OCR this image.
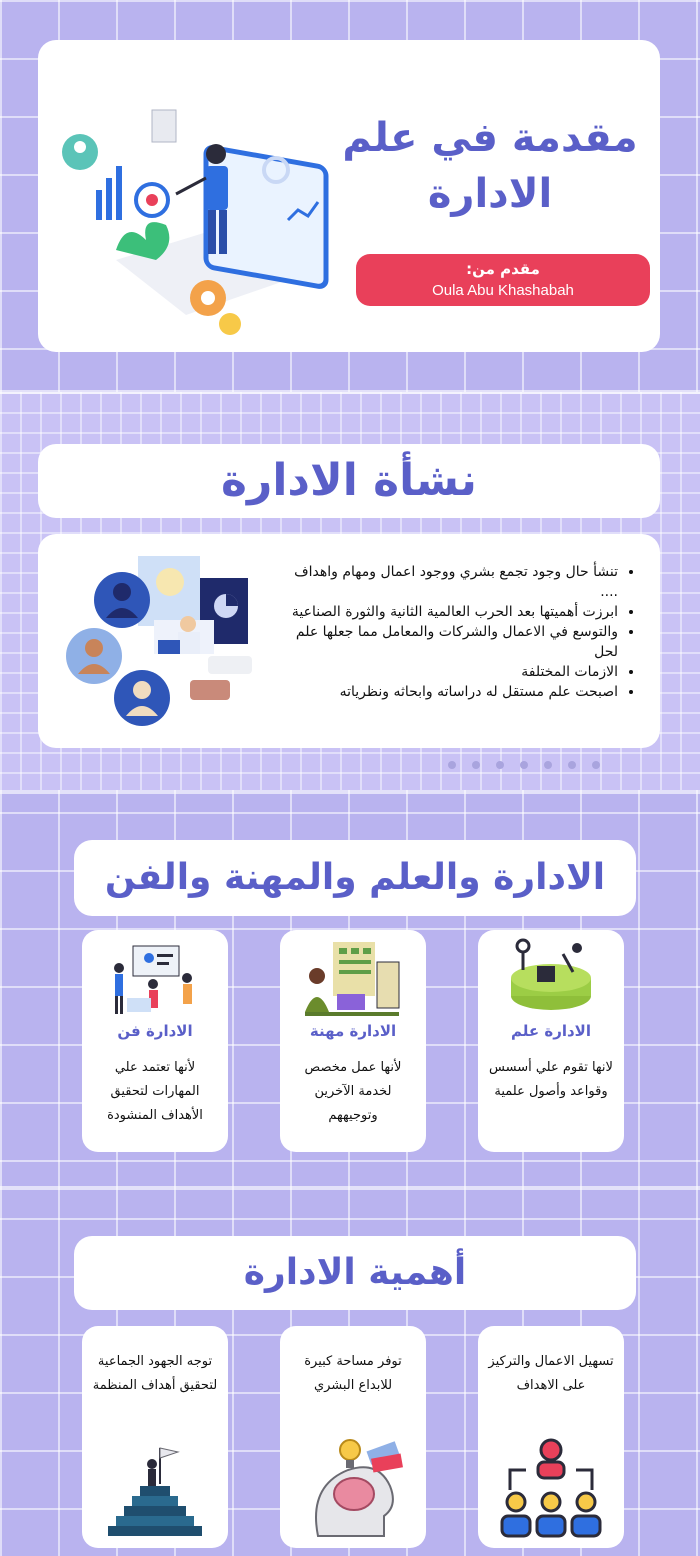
مقدمة في علم الادارة
مقدم من:
Oula Abu Khashabah
نشأة الادارة
• تنشأ حال وجود تجمع بشري ووجود اعمال ومهام واهداف ....
• ابرزت أهميتها بعد الحرب العالمية الثانية والثورة الصناعية
• والتوسع في الاعمال والشركات والمعامل مما جعلها علم لحل
• الازمات المختلفة
• اصبحت علم مستقل له دراساته وابحاثه ونظرياته
الادارة والعلم والمهنة والفن
الادارة علم
لانها تقوم علي أسسس وقواعد وأصول علمية
الادارة مهنة
لأنها عمل مخصص لخدمة الآخرين وتوجيههم
الادارة فن
لأنها تعتمد علي المهارات لتحقيق الأهداف المنشودة
أهمية الادارة
تسهيل الاعمال والتركيز على الاهداف
توفر مساحة كبيرة للابداع البشري
توجه الجهود الجماعية لتحقيق أهداف المنظمة
